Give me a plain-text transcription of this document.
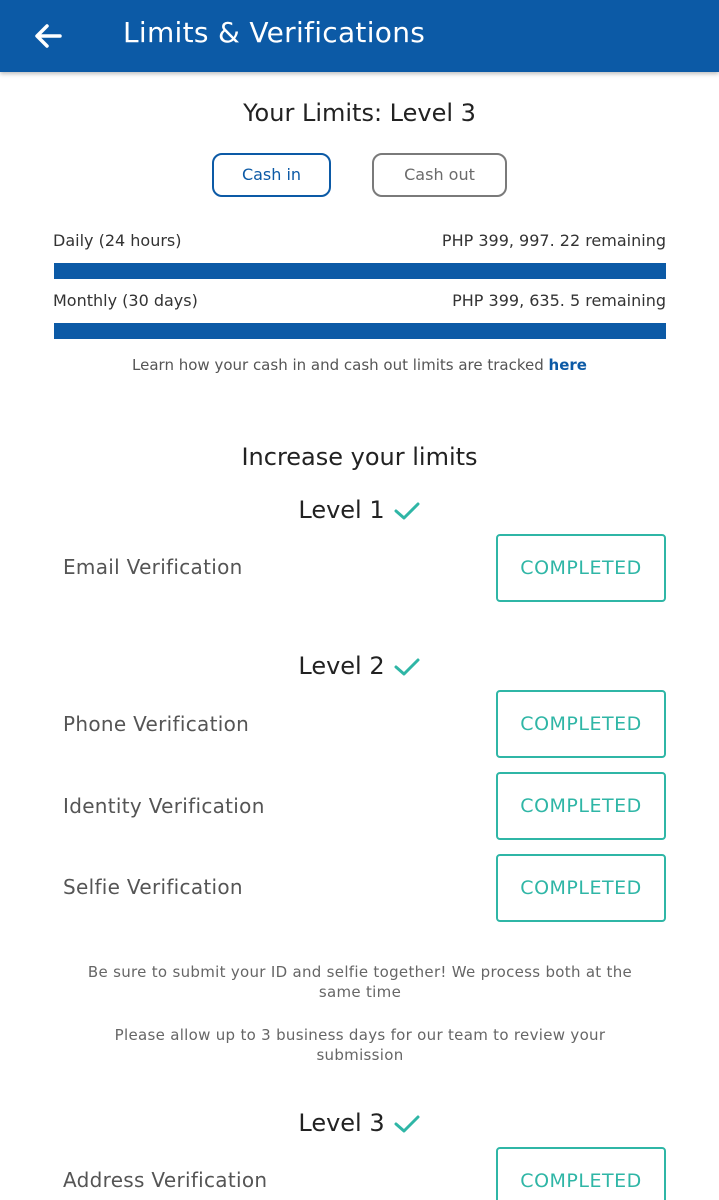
Limits & Verifications
Your Limits: Level 3
Cash in	Cash out
Daily (24 hours)	PHP 399, 997. 22 remaining
Monthly (30 days)	PHP 399, 635. 5 remaining
Learn how your cash in and cash out limits are tracked here
Increase your limits
Level 1
Email Verification	COMPLETED
Level 2
Phone Verification	COMPLETED
Identity Verification	COMPLETED
Selfie Verification	COMPLETED
Be sure to submit your ID and selfie together! We process both at the same time
Please allow up to 3 business days for our team to review your submission
Level 3
Address Verification	COMPLETED
